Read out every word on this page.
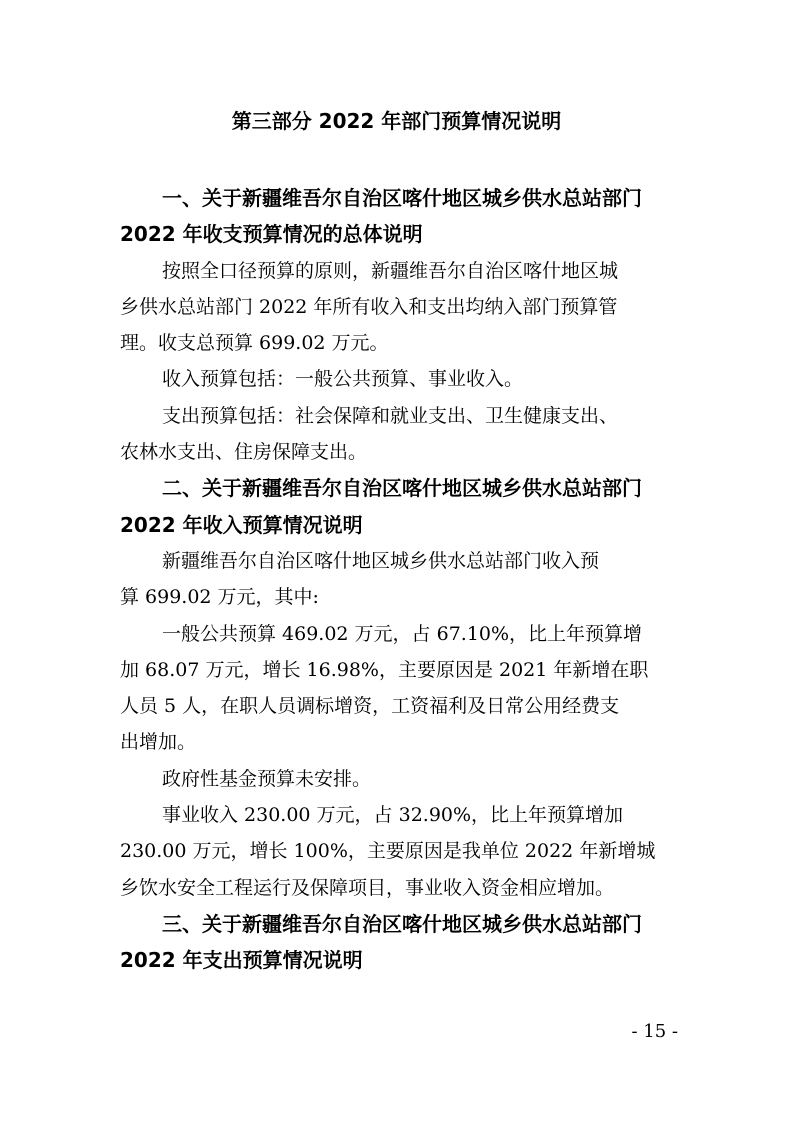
第三部分 2022 年部门预算情况说明

一、关于新疆维吾尔自治区喀什地区城乡供水总站部门
2022 年收支预算情况的总体说明

按照全口径预算的原则，新疆维吾尔自治区喀什地区城
乡供水总站部门 2022 年所有收入和支出均纳入部门预算管
理。收支总预算 699.02 万元。

收入预算包括：一般公共预算、事业收入。

支出预算包括：社会保障和就业支出、卫生健康支出、
农林水支出、住房保障支出。

二、关于新疆维吾尔自治区喀什地区城乡供水总站部门
2022 年收入预算情况说明

新疆维吾尔自治区喀什地区城乡供水总站部门收入预
算 699.02 万元，其中:

一般公共预算 469.02 万元，占 67.10%，比上年预算增
加 68.07 万元，增长 16.98%，主要原因是 2021 年新增在职
人员 5 人，在职人员调标增资，工资福利及日常公用经费支
出增加。

政府性基金预算未安排。

事业收入 230.00 万元，占 32.90%，比上年预算增加
230.00 万元，增长 100%，主要原因是我单位 2022 年新增城
乡饮水安全工程运行及保障项目，事业收入资金相应增加。

三、关于新疆维吾尔自治区喀什地区城乡供水总站部门
2022 年支出预算情况说明

- 15 -
